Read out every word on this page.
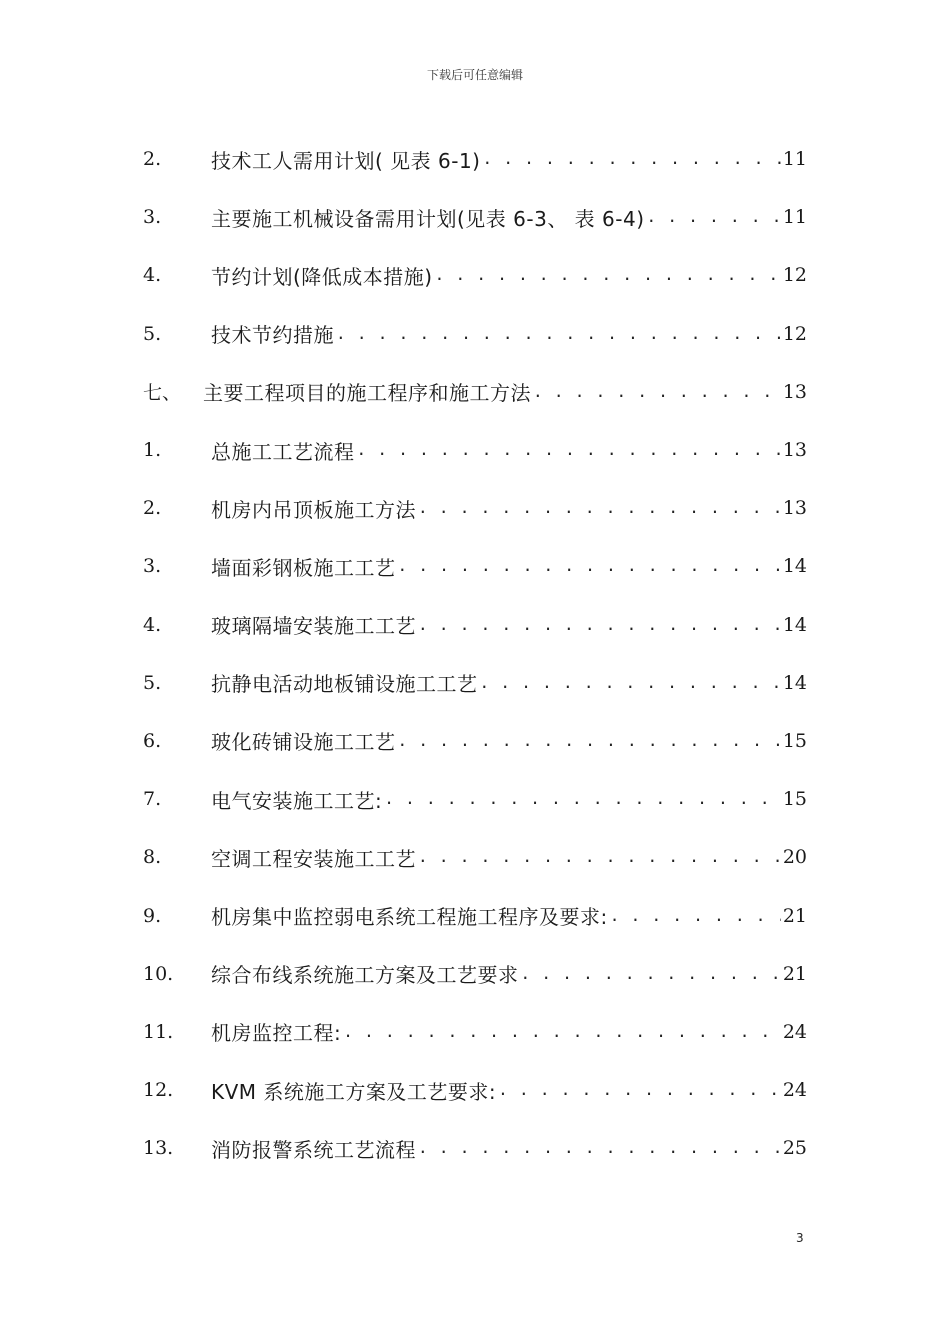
下载后可任意编辑
2.	技术工人需用计划( 见表 6-1) . . .	11
3.	主要施工机械设备需用计划(见表 6-3、 表 6-4) . . .	11
4.	节约计划(降低成本措施) . . .	12
5.	技术节约措施 . . .	12
七、	主要工程项目的施工程序和施工方法 . . .	13
1.	总施工工艺流程 . . .	13
2.	机房内吊顶板施工方法 . . .	13
3.	墙面彩钢板施工工艺 . . .	14
4.	玻璃隔墙安装施工工艺 . . .	14
5.	抗静电活动地板铺设施工工艺 . . .	14
6.	玻化砖铺设施工工艺 . . .	15
7.	电气安装施工工艺: . . .	15
8.	空调工程安装施工工艺 . . .	20
9.	机房集中监控弱电系统工程施工程序及要求: . . .	21
10.	综合布线系统施工方案及工艺要求 . . .	21
11.	机房监控工程: . . .	24
12.	KVM 系统施工方案及工艺要求: . . .	24
13.	消防报警系统工艺流程 . . .	25
3
